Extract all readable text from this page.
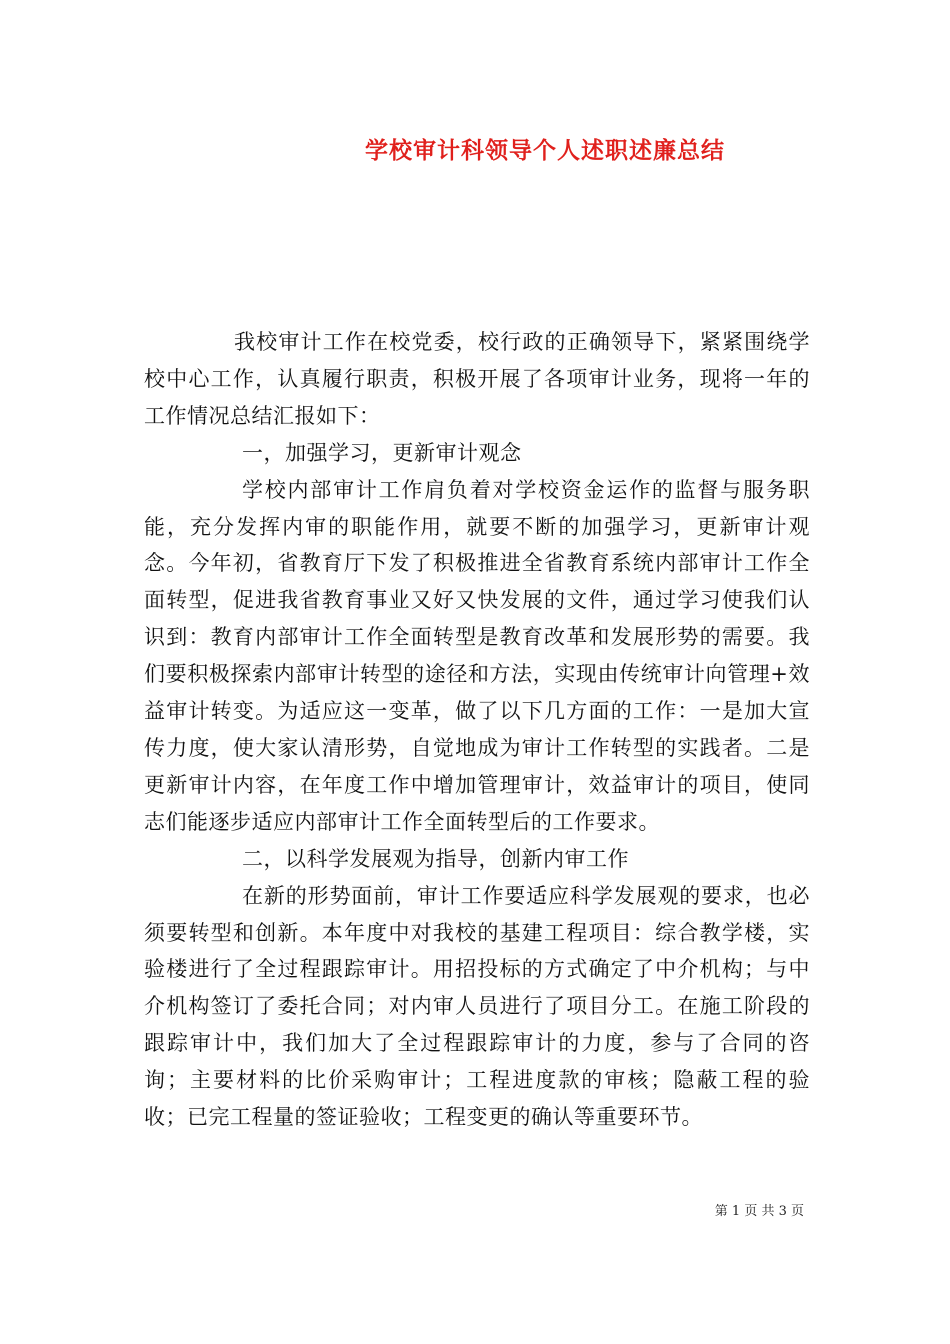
学校审计科领导个人述职述廉总结

我校审计工作在校党委，校行政的正确领导下，紧紧围绕学校中心工作，认真履行职责，积极开展了各项审计业务，现将一年的工作情况总结汇报如下：

一，加强学习，更新审计观念

学校内部审计工作肩负着对学校资金运作的监督与服务职能，充分发挥内审的职能作用，就要不断的加强学习，更新审计观念。今年初，省教育厅下发了积极推进全省教育系统内部审计工作全面转型，促进我省教育事业又好又快发展的文件，通过学习使我们认识到：教育内部审计工作全面转型是教育改革和发展形势的需要。我们要积极探索内部审计转型的途径和方法，实现由传统审计向管理+效益审计转变。为适应这一变革，做了以下几方面的工作：一是加大宣传力度，使大家认清形势，自觉地成为审计工作转型的实践者。二是更新审计内容，在年度工作中增加管理审计，效益审计的项目，使同志们能逐步适应内部审计工作全面转型后的工作要求。

二，以科学发展观为指导，创新内审工作

在新的形势面前，审计工作要适应科学发展观的要求，也必须要转型和创新。本年度中对我校的基建工程项目：综合教学楼，实验楼进行了全过程跟踪审计。用招投标的方式确定了中介机构；与中介机构签订了委托合同；对内审人员进行了项目分工。在施工阶段的跟踪审计中，我们加大了全过程跟踪审计的力度，参与了合同的咨询；主要材料的比价采购审计；工程进度款的审核；隐蔽工程的验收；已完工程量的签证验收；工程变更的确认等重要环节。

第 1 页 共 3 页
